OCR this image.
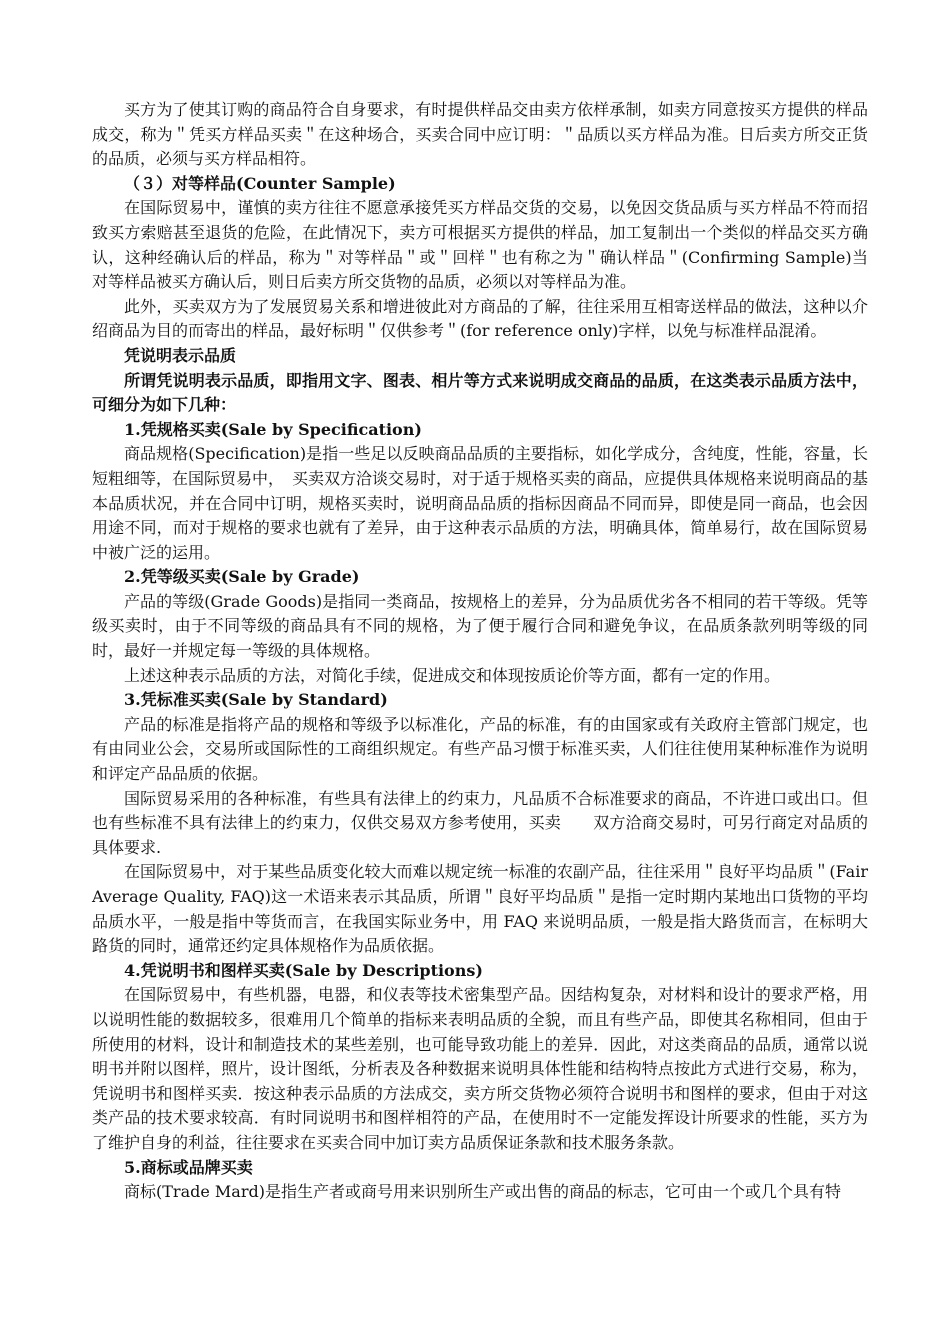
买方为了使其订购的商品符合自身要求，有时提供样品交由卖方依样承制，如卖方同意按买方提供的样品成交，称为＂凭买方样品买卖＂在这种场合，买卖合同中应订明：＂品质以买方样品为准。日后卖方所交正货的品质，必须与买方样品相符。

（３）对等样品(Counter Sample)

在国际贸易中，谨慎的卖方往往不愿意承接凭买方样品交货的交易，以免因交货品质与买方样品不符而招致买方索赔甚至退货的危险，在此情况下，卖方可根据买方提供的样品，加工复制出一个类似的样品交买方确认，这种经确认后的样品，称为＂对等样品＂或＂回样＂也有称之为＂确认样品＂(Confirming Sample)当对等样品被买方确认后，则日后卖方所交货物的品质，必须以对等样品为准。

此外，买卖双方为了发展贸易关系和增进彼此对方商品的了解，往往采用互相寄送样品的做法，这种以介绍商品为目的而寄出的样品，最好标明＂仅供参考＂(for reference only)字样，以免与标准样品混淆。

凭说明表示品质

所谓凭说明表示品质，即指用文字、图表、相片等方式来说明成交商品的品质，在这类表示品质方法中，可细分为如下几种：

1.凭规格买卖(Sale by Specification)

商品规格(Specification)是指一些足以反映商品品质的主要指标，如化学成分，含纯度，性能，容量，长短粗细等，在国际贸易中，　买卖双方洽谈交易时，对于适于规格买卖的商品，应提供具体规格来说明商品的基本品质状况，并在合同中订明，规格买卖时，说明商品品质的指标因商品不同而异，即使是同一商品，也会因用途不同，而对于规格的要求也就有了差异，由于这种表示品质的方法，明确具体，简单易行，故在国际贸易中被广泛的运用。

2.凭等级买卖(Sale by Grade)

产品的等级(Grade Goods)是指同一类商品，按规格上的差异，分为品质优劣各不相同的若干等级。凭等级买卖时，由于不同等级的商品具有不同的规格，为了便于履行合同和避免争议，在品质条款列明等级的同时，最好一并规定每一等级的具体规格。

上述这种表示品质的方法，对简化手续，促进成交和体现按质论价等方面，都有一定的作用。

3.凭标准买卖(Sale by Standard)

产品的标准是指将产品的规格和等级予以标准化，产品的标准，有的由国家或有关政府主管部门规定，也有由同业公会，交易所或国际性的工商组织规定。有些产品习惯于标准买卖，人们往往使用某种标准作为说明和评定产品品质的依据。

国际贸易采用的各种标准，有些具有法律上的约束力，凡品质不合标准要求的商品，不许进口或出口。但也有些标准不具有法律上的约束力，仅供交易双方参考使用，买卖　　双方洽商交易时，可另行商定对品质的具体要求.

在国际贸易中，对于某些品质变化较大而难以规定统一标准的农副产品，往往采用＂良好平均品质＂(Fair Average Quality, FAQ)这一术语来表示其品质，所谓＂良好平均品质＂是指一定时期内某地出口货物的平均品质水平，一般是指中等货而言，在我国实际业务中，用 FAQ 来说明品质，一般是指大路货而言，在标明大路货的同时，通常还约定具体规格作为品质依据。

4.凭说明书和图样买卖(Sale by Descriptions)

在国际贸易中，有些机器，电器，和仪表等技术密集型产品。因结构复杂，对材料和设计的要求严格，用以说明性能的数据较多，很难用几个简单的指标来表明品质的全貌，而且有些产品，即使其名称相同，但由于所使用的材料，设计和制造技术的某些差别，也可能导致功能上的差异．因此，对这类商品的品质，通常以说明书并附以图样，照片，设计图纸，分析表及各种数据来说明具体性能和结构特点按此方式进行交易，称为，凭说明书和图样买卖．按这种表示品质的方法成交，卖方所交货物必须符合说明书和图样的要求，但由于对这类产品的技术要求较高．有时同说明书和图样相符的产品，在使用时不一定能发挥设计所要求的性能，买方为了维护自身的利益，往往要求在买卖合同中加订卖方品质保证条款和技术服务条款。

5.商标或品牌买卖

商标(Trade Mard)是指生产者或商号用来识别所生产或出售的商品的标志，它可由一个或几个具有特
